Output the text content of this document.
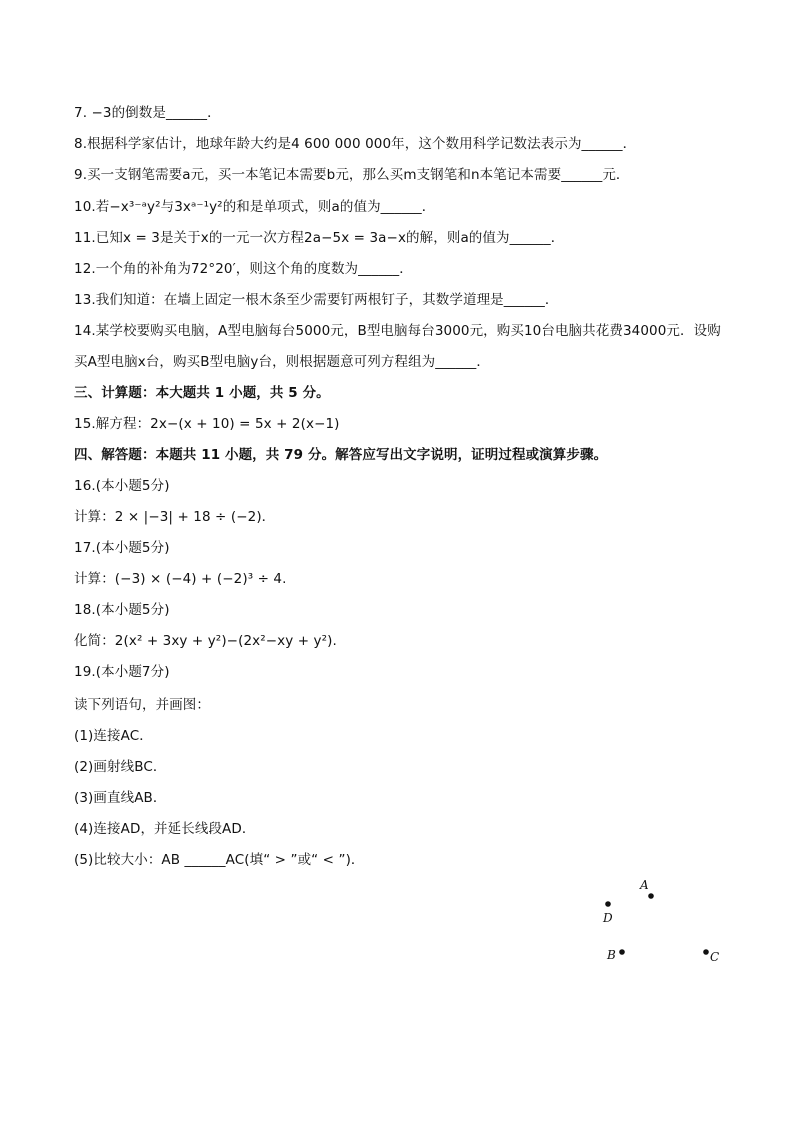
7. −3的倒数是______．
8.根据科学家估计，地球年龄大约是4 600 000 000年，这个数用科学记数法表示为______．
9.买一支钢笔需要a元，买一本笔记本需要b元，那么买m支钢笔和n本笔记本需要______元．
10.若−x³⁻ᵃy²与3xᵃ⁻¹y²的和是单项式，则a的值为______．
11.已知x = 3是关于x的一元一次方程2a−5x = 3a−x的解，则a的值为______．
12.一个角的补角为72°20′，则这个角的度数为______．
13.我们知道：在墙上固定一根木条至少需要钉两根钉子，其数学道理是______．
14.某学校要购买电脑，A型电脑每台5000元，B型电脑每台3000元，购买10台电脑共花费34000元．设购
买A型电脑x台，购买B型电脑y台，则根据题意可列方程组为______．
三、计算题：本大题共 1 小题，共 5 分。
15.解方程：2x−(x + 10) = 5x + 2(x−1)
四、解答题：本题共 11 小题，共 79 分。解答应写出文字说明，证明过程或演算步骤。
16.(本小题5分)
计算：2 × |−3| + 18 ÷ (−2)．
17.(本小题5分)
计算：(−3) × (−4) + (−2)³ ÷ 4.
18.(本小题5分)
化简：2(x² + 3xy + y²)−(2x²−xy + y²).
19.(本小题7分)
读下列语句，并画图：
(1)连接AC．
(2)画射线BC．
(3)画直线AB．
(4)连接AD，并延长线段AD．
(5)比较大小：AB ______AC(填“ > ”或“ < ”)．
A
D
B	C
